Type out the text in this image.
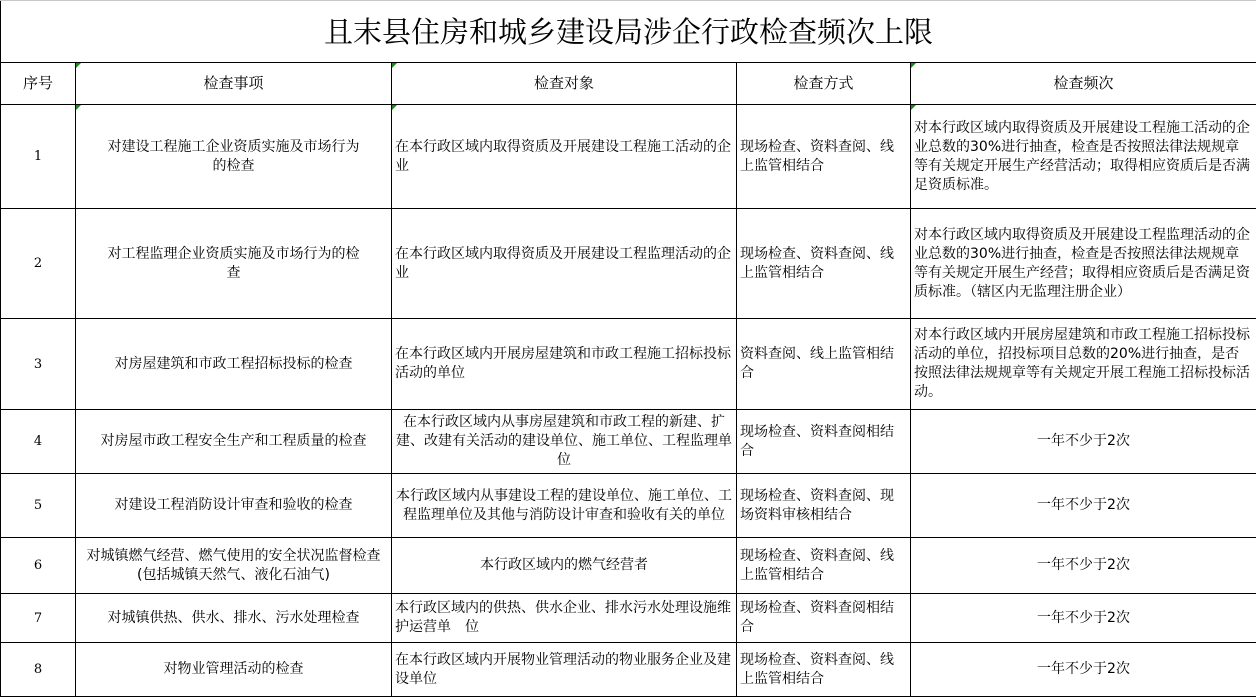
且末县住房和城乡建设局涉企行政检查频次上限				
序号	检查事项	检查对象	检查方式	检查频次
1	对建设工程施工企业资质实施及市场行为的检查	在本行政区域内取得资质及开展建设工程施工活动的企业	现场检查、资料查阅、线上监管相结合	对本行政区域内取得资质及开展建设工程施工活动的企业总数的30%进行抽查，检查是否按照法律法规规章等有关规定开展生产经营活动；取得相应资质后是否满足资质标准。
2	对工程监理企业资质实施及市场行为的检查	在本行政区域内取得资质及开展建设工程监理活动的企业	现场检查、资料查阅、线上监管相结合	对本行政区域内取得资质及开展建设工程监理活动的企业总数的30%进行抽查，检查是否按照法律法规规章等有关规定开展生产经营；取得相应资质后是否满足资质标准。（辖区内无监理注册企业）
3	对房屋建筑和市政工程招标投标的检查	在本行政区域内开展房屋建筑和市政工程施工招标投标活动的单位	资料查阅、线上监管相结合	对本行政区域内开展房屋建筑和市政工程施工招标投标活动的单位，招投标项目总数的20%进行抽查，是否按照法律法规规章等有关规定开展工程施工招标投标活动。
4	对房屋市政工程安全生产和工程质量的检查	在本行政区域内从事房屋建筑和市政工程的新建、扩建、改建有关活动的建设单位、施工单位、工程监理单位	现场检查、资料查阅相结合	一年不少于2次
5	对建设工程消防设计审查和验收的检查	本行政区域内从事建设工程的建设单位、施工单位、工程监理单位及其他与消防设计审查和验收有关的单位	现场检查、资料查阅、现场资料审核相结合	一年不少于2次
6	对城镇燃气经营、燃气使用的安全状况监督检查(包括城镇天然气、液化石油气)	本行政区域内的燃气经营者	现场检查、资料查阅、线上监管相结合	一年不少于2次
7	对城镇供热、供水、排水、污水处理检查	本行政区域内的供热、供水企业、排水污水处理设施维护运营单　位	现场检查、资料查阅相结合	一年不少于2次
8	对物业管理活动的检查	在本行政区域内开展物业管理活动的物业服务企业及建设单位	现场检查、资料查阅、线上监管相结合	一年不少于2次
